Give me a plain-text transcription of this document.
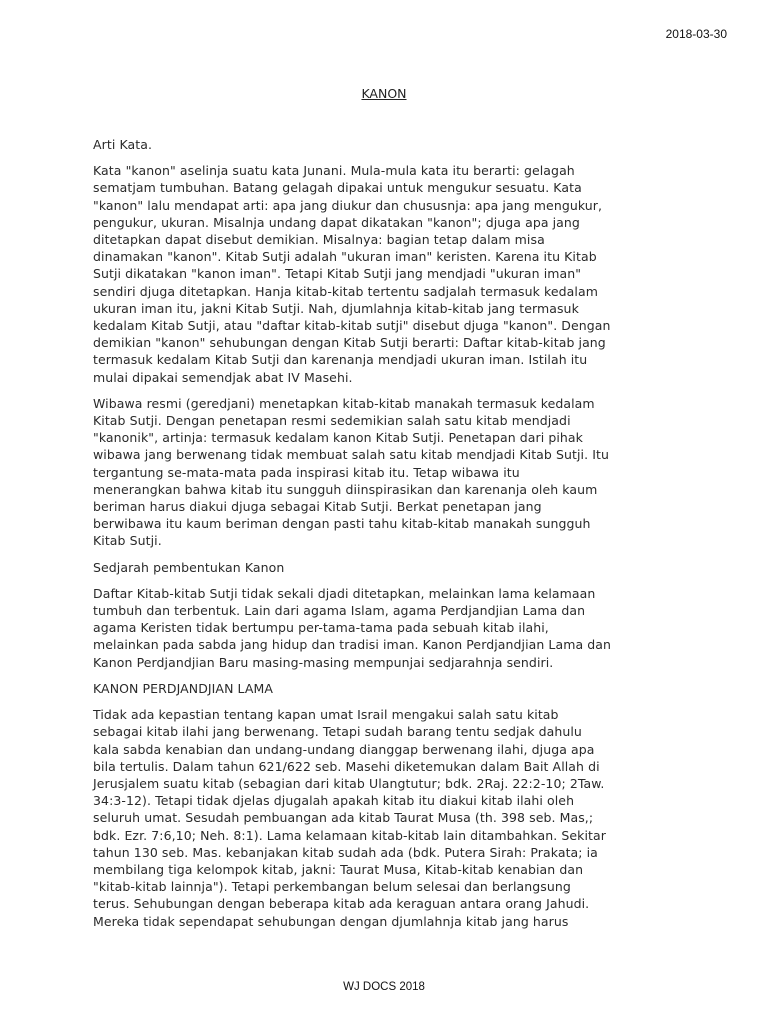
2018-03-30
KANON

Arti Kata.

Kata "kanon" aselinja suatu kata Junani. Mula-mula kata itu berarti: gelagah
sematjam tumbuhan. Batang gelagah dipakai untuk mengukur sesuatu. Kata
"kanon" lalu mendapat arti: apa jang diukur dan chususnja: apa jang mengukur,
pengukur, ukuran. Misalnja undang dapat dikatakan "kanon"; djuga apa jang
ditetapkan dapat disebut demikian. Misalnya: bagian tetap dalam misa
dinamakan "kanon". Kitab Sutji adalah "ukuran iman" keristen. Karena itu Kitab
Sutji dikatakan "kanon iman". Tetapi Kitab Sutji jang mendjadi "ukuran iman"
sendiri djuga ditetapkan. Hanja kitab-kitab tertentu sadjalah termasuk kedalam
ukuran iman itu, jakni Kitab Sutji. Nah, djumlahnja kitab-kitab jang termasuk
kedalam Kitab Sutji, atau "daftar kitab-kitab sutji" disebut djuga "kanon". Dengan
demikian "kanon" sehubungan dengan Kitab Sutji berarti: Daftar kitab-kitab jang
termasuk kedalam Kitab Sutji dan karenanja mendjadi ukuran iman. Istilah itu
mulai dipakai semendjak abat IV Masehi.

Wibawa resmi (geredjani) menetapkan kitab-kitab manakah termasuk kedalam
Kitab Sutji. Dengan penetapan resmi sedemikian salah satu kitab mendjadi
"kanonik", artinja: termasuk kedalam kanon Kitab Sutji. Penetapan dari pihak
wibawa jang berwenang tidak membuat salah satu kitab mendjadi Kitab Sutji. Itu
tergantung se-mata-mata pada inspirasi kitab itu. Tetap wibawa itu
menerangkan bahwa kitab itu sungguh diinspirasikan dan karenanja oleh kaum
beriman harus diakui djuga sebagai Kitab Sutji. Berkat penetapan jang
berwibawa itu kaum beriman dengan pasti tahu kitab-kitab manakah sungguh
Kitab Sutji.

Sedjarah pembentukan Kanon

Daftar Kitab-kitab Sutji tidak sekali djadi ditetapkan, melainkan lama kelamaan
tumbuh dan terbentuk. Lain dari agama Islam, agama Perdjandjian Lama dan
agama Keristen tidak bertumpu per-tama-tama pada sebuah kitab ilahi,
melainkan pada sabda jang hidup dan tradisi iman. Kanon Perdjandjian Lama dan
Kanon Perdjandjian Baru masing-masing mempunjai sedjarahnja sendiri.

KANON PERDJANDJIAN LAMA

Tidak ada kepastian tentang kapan umat Israil mengakui salah satu kitab
sebagai kitab ilahi jang berwenang. Tetapi sudah barang tentu sedjak dahulu
kala sabda kenabian dan undang-undang dianggap berwenang ilahi, djuga apa
bila tertulis. Dalam tahun 621/622 seb. Masehi diketemukan dalam Bait Allah di
Jerusjalem suatu kitab (sebagian dari kitab Ulangtutur; bdk. 2Raj. 22:2-10; 2Taw.
34:3-12). Tetapi tidak djelas djugalah apakah kitab itu diakui kitab ilahi oleh
seluruh umat. Sesudah pembuangan ada kitab Taurat Musa (th. 398 seb. Mas,;
bdk. Ezr. 7:6,10; Neh. 8:1). Lama kelamaan kitab-kitab lain ditambahkan. Sekitar
tahun 130 seb. Mas. kebanjakan kitab sudah ada (bdk. Putera Sirah: Prakata; ia
membilang tiga kelompok kitab, jakni: Taurat Musa, Kitab-kitab kenabian dan
"kitab-kitab lainnja"). Tetapi perkembangan belum selesai dan berlangsung
terus. Sehubungan dengan beberapa kitab ada keraguan antara orang Jahudi.
Mereka tidak sependapat sehubungan dengan djumlahnja kitab jang harus

WJ DOCS 2018
